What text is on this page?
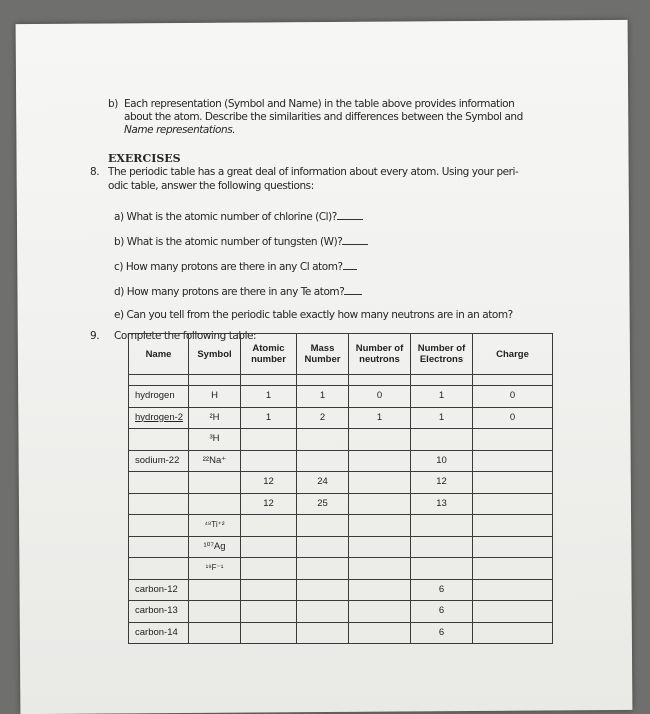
b) Each representation (Symbol and Name) in the table above provides information
about the atom. Describe the similarities and differences between the Symbol and
Name representations.
EXERCISES
8. The periodic table has a great deal of information about every atom. Using your peri-
odic table, answer the following questions:
a) What is the atomic number of chlorine (Cl)?
b) What is the atomic number of tungsten (W)?
c) How many protons are there in any Cl atom?
d) How many protons are there in any Te atom?
e) Can you tell from the periodic table exactly how many neutrons are in an atom?
9. Complete the following table:
Name	Symbol	Atomic number	Mass Number	Number of neutrons	Number of Electrons	Charge

hydrogen	H	1	1	0	1	0
hydrogen-2	²H	1	2	1	1	0
	³H					
sodium-22	²²Na⁺				10	
		12	24		12	
		12	25		13	
	⁴⁸Ti⁺²					
	¹⁰⁷Ag					
	¹⁹F⁻¹					
carbon-12					6	
carbon-13					6	
carbon-14					6	
